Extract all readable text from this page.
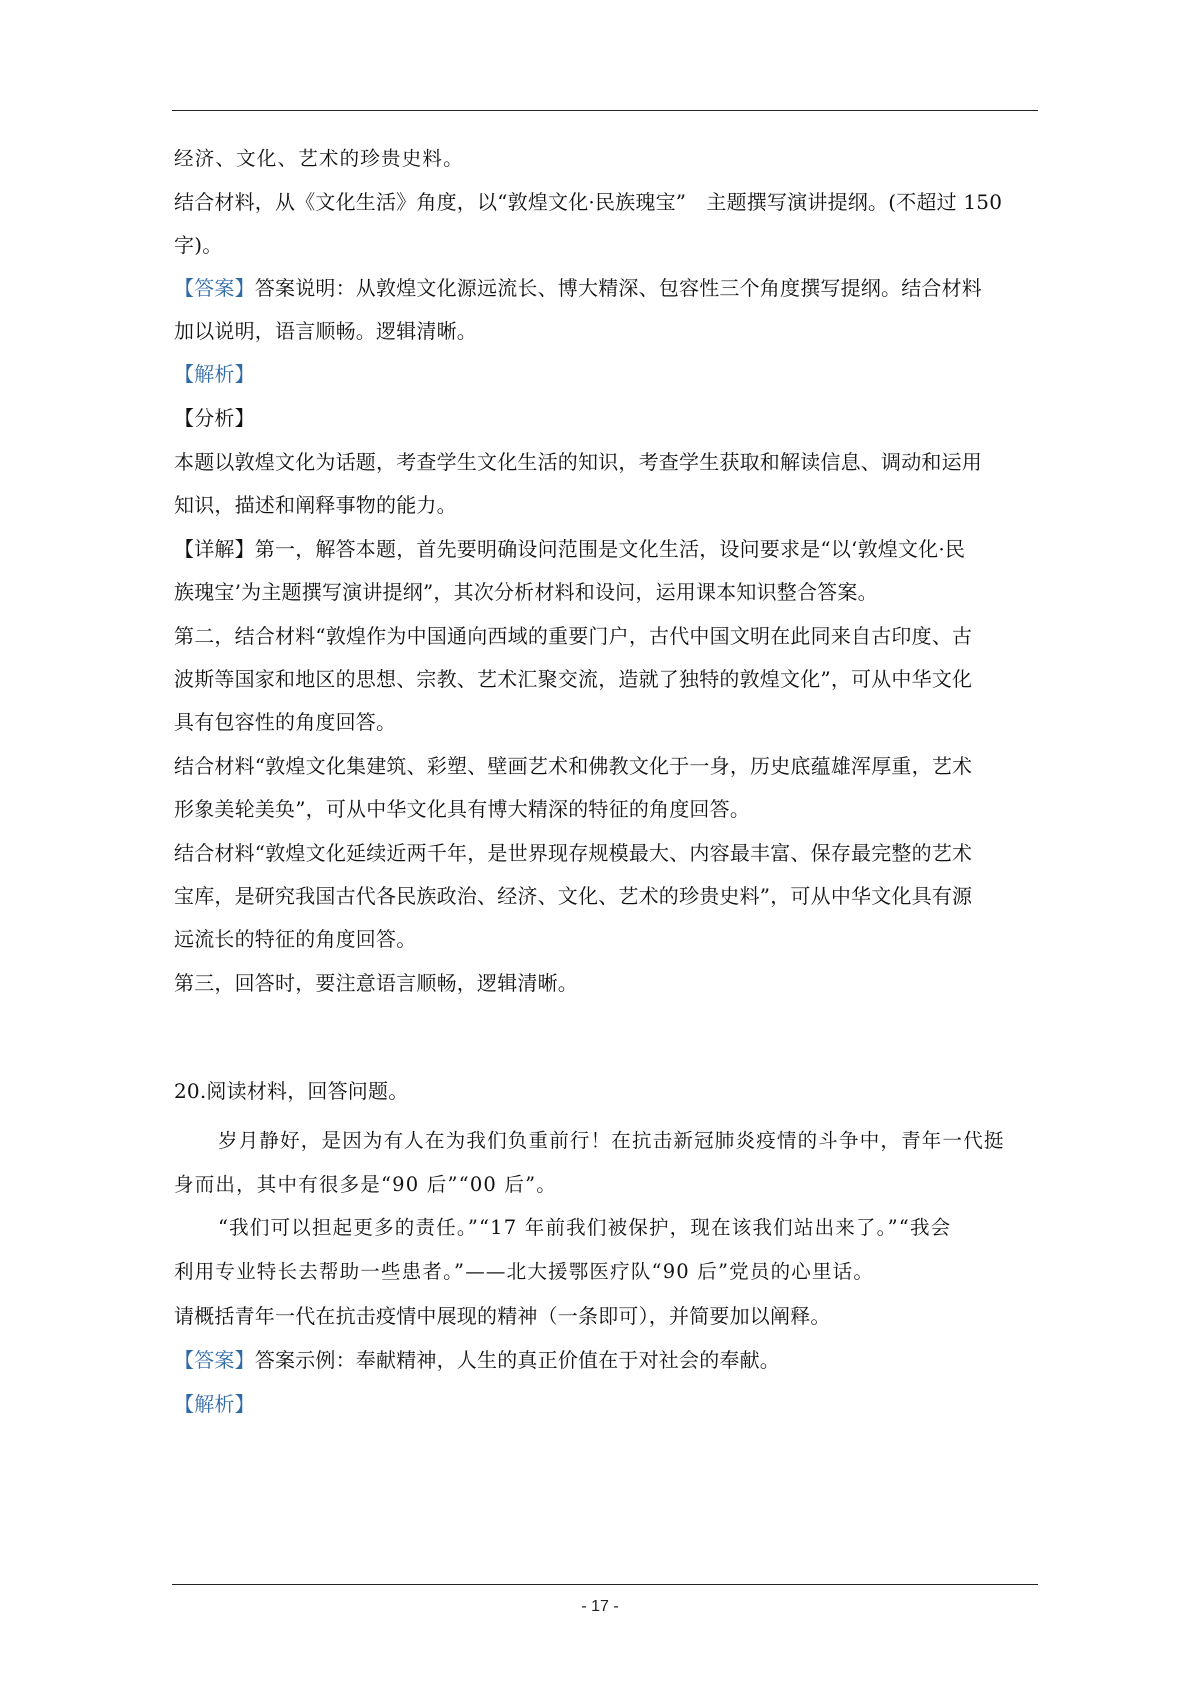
经济、文化、艺术的珍贵史料。
结合材料，从《文化生活》角度，以“敦煌文化·民族瑰宝”　主题撰写演讲提纲。(不超过 150
字)。
【答案】答案说明：从敦煌文化源远流长、博大精深、包容性三个角度撰写提纲。结合材料
加以说明，语言顺畅。逻辑清晰。
【解析】
【分析】
本题以敦煌文化为话题，考查学生文化生活的知识，考查学生获取和解读信息、调动和运用
知识，描述和阐释事物的能力。
【详解】第一，解答本题，首先要明确设问范围是文化生活，设问要求是“以‘敦煌文化·民
族瑰宝’为主题撰写演讲提纲”，其次分析材料和设问，运用课本知识整合答案。
第二，结合材料“敦煌作为中国通向西域的重要门户，古代中国文明在此同来自古印度、古
波斯等国家和地区的思想、宗教、艺术汇聚交流，造就了独特的敦煌文化”，可从中华文化
具有包容性的角度回答。
结合材料“敦煌文化集建筑、彩塑、壁画艺术和佛教文化于一身，历史底蕴雄浑厚重，艺术
形象美轮美奂”，可从中华文化具有博大精深的特征的角度回答。
结合材料“敦煌文化延续近两千年，是世界现存规模最大、内容最丰富、保存最完整的艺术
宝库，是研究我国古代各民族政治、经济、文化、艺术的珍贵史料”，可从中华文化具有源
远流长的特征的角度回答。
第三，回答时，要注意语言顺畅，逻辑清晰。
20.阅读材料，回答问题。
岁月静好，是因为有人在为我们负重前行！在抗击新冠肺炎疫情的斗争中，青年一代挺
身而出，其中有很多是“90 后”“00 后”。
“我们可以担起更多的责任。”“17 年前我们被保护，现在该我们站出来了。”“我会
利用专业特长去帮助一些患者。”——北大援鄂医疗队“90 后”党员的心里话。
请概括青年一代在抗击疫情中展现的精神（一条即可），并简要加以阐释。
【答案】答案示例：奉献精神，人生的真正价值在于对社会的奉献。
【解析】
- 17 -
